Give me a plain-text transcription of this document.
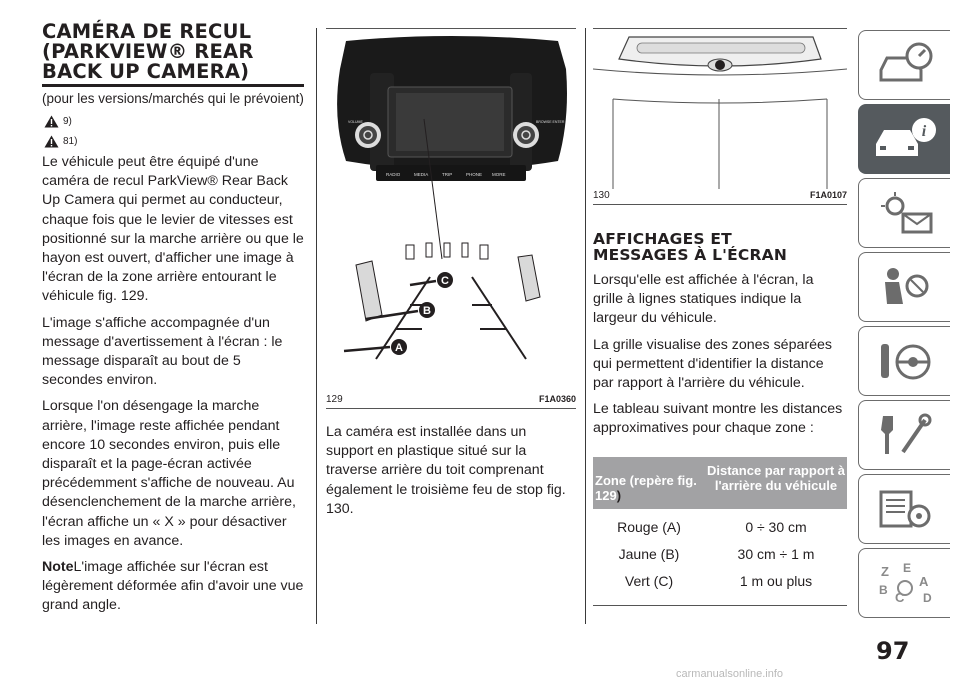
CAMÉRA DE RECUL
(PARKVIEW® REAR
BACK UP CAMERA)

(pour les versions/marchés qui le prévoient)

9)
81)

Le véhicule peut être équipé d'une caméra de recul ParkView® Rear Back Up Camera qui permet au conducteur, chaque fois que le levier de vitesses est positionné sur la marche arrière ou que le hayon est ouvert, d'afficher une image à l'écran de la zone arrière entourant le véhicule fig. 129.

L'image s'affiche accompagnée d'un message d'avertissement à l'écran : le message disparaît au bout de 5 secondes environ.

Lorsque l'on désengage la marche arrière, l'image reste affichée pendant encore 10 secondes environ, puis elle disparaît et la page-écran activée précédemment s'affiche de nouveau. Au désenclenchement de la marche arrière, l'écran affiche un « X » pour désactiver les images en avance.

NoteL'image affichée sur l'écran est légèrement déformée afin d'avoir une vue grand angle.

RADIO	MEDIA	TRIP	PHONE MORE
VOLUME	BROWSE ENTER
A
B
C
129	F1A0360

La caméra est installée dans un support en plastique situé sur la traverse arrière du toit comprenant également le troisième feu de stop fig. 130.

130	F1A0107
AFFICHAGES ET
MESSAGES À L'ÉCRAN

Lorsqu'elle est affichée à l'écran, la grille à lignes statiques indique la largeur du véhicule.

La grille visualise des zones séparées qui permettent d'identifier la distance par rapport à l'arrière du véhicule.

Le tableau suivant montre les distances approximatives pour chaque zone :

Zone (repère fig. 129)	Distance par rapport à l'arrière du véhicule
Rouge (A)	0 ÷ 30 cm
Jaune (B)	30 cm ÷ 1 m
Vert (C)	1 m ou plus
i
Z E
A
B C D
97
carmanualsonline.info
